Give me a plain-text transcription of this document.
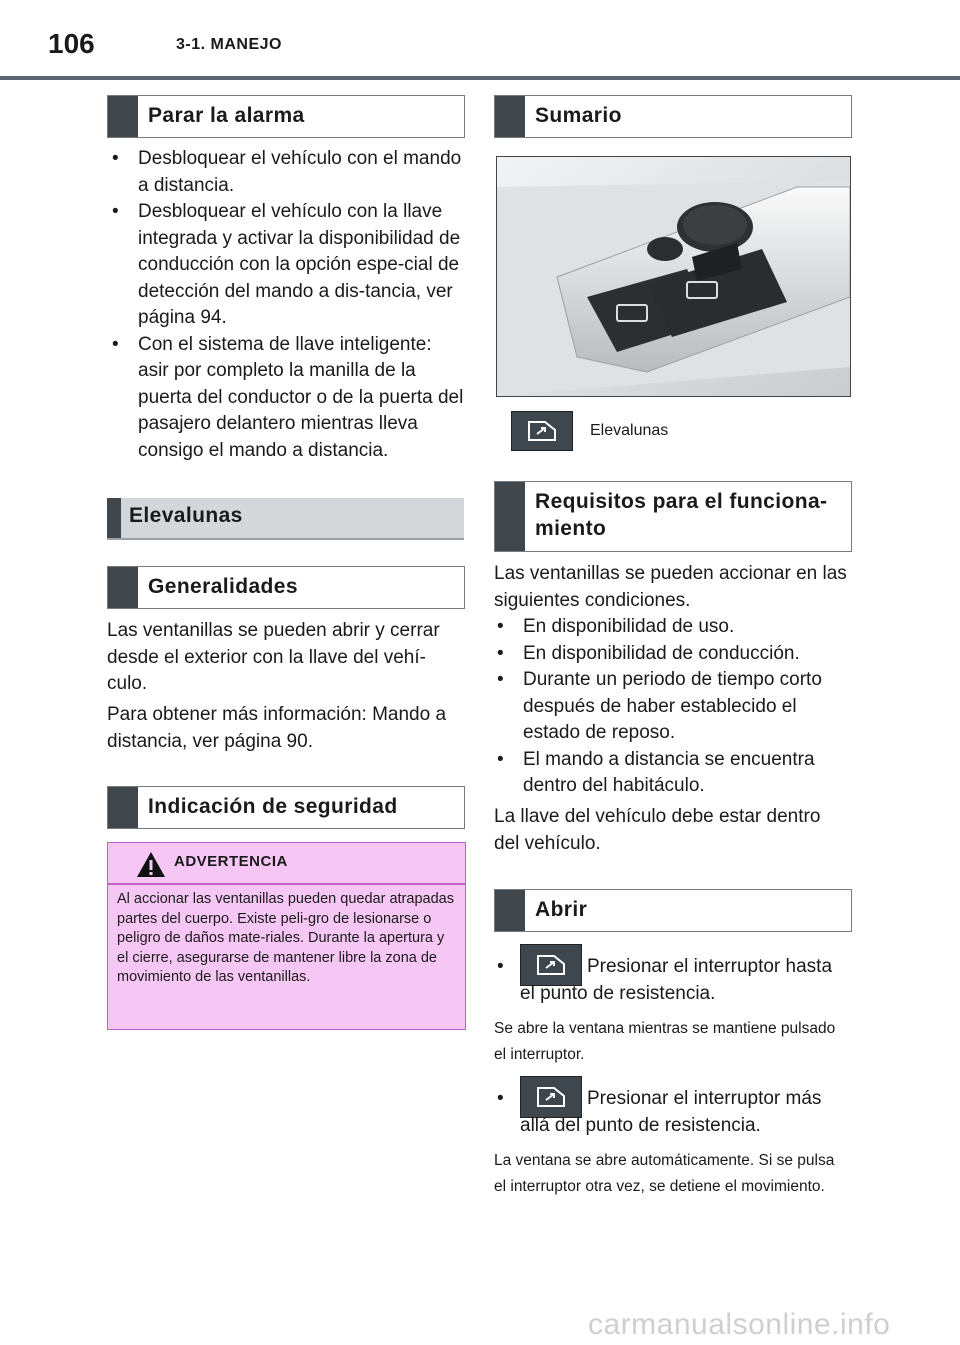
106	3-1. MANEJO
Parar la alarma
• Desbloquear el vehículo con el mando a distancia.
• Desbloquear el vehículo con la llave integrada y activar la disponibilidad de conducción con la opción espe-cial de detección del mando a dis-tancia, ver página 94.
• Con el sistema de llave inteligente: asir por completo la manilla de la puerta del conductor o de la puerta del pasajero delantero mientras lleva consigo el mando a distancia.
Elevalunas
Generalidades
Las ventanillas se pueden abrir y cerrar desde el exterior con la llave del vehí-culo.
Para obtener más información: Mando a distancia, ver página 90.
Indicación de seguridad
ADVERTENCIA
Al accionar las ventanillas pueden quedar atrapadas partes del cuerpo. Existe peli-gro de lesionarse o peligro de daños mate-riales. Durante la apertura y el cierre, asegurarse de mantener libre la zona de movimiento de las ventanillas.
Sumario
Elevalunas
Requisitos para el funciona-miento
Las ventanillas se pueden accionar en las siguientes condiciones.
• En disponibilidad de uso.
• En disponibilidad de conducción.
• Durante un periodo de tiempo corto después de haber establecido el estado de reposo.
• El mando a distancia se encuentra dentro del habitáculo.
La llave del vehículo debe estar dentro del vehículo.
Abrir
•	Presionar el interruptor hasta el punto de resistencia.
Se abre la ventana mientras se mantiene pulsado el interruptor.
•	Presionar el interruptor más allá del punto de resistencia.
La ventana se abre automáticamente. Si se pulsa el interruptor otra vez, se detiene el movimiento.
carmanualsonline.info
